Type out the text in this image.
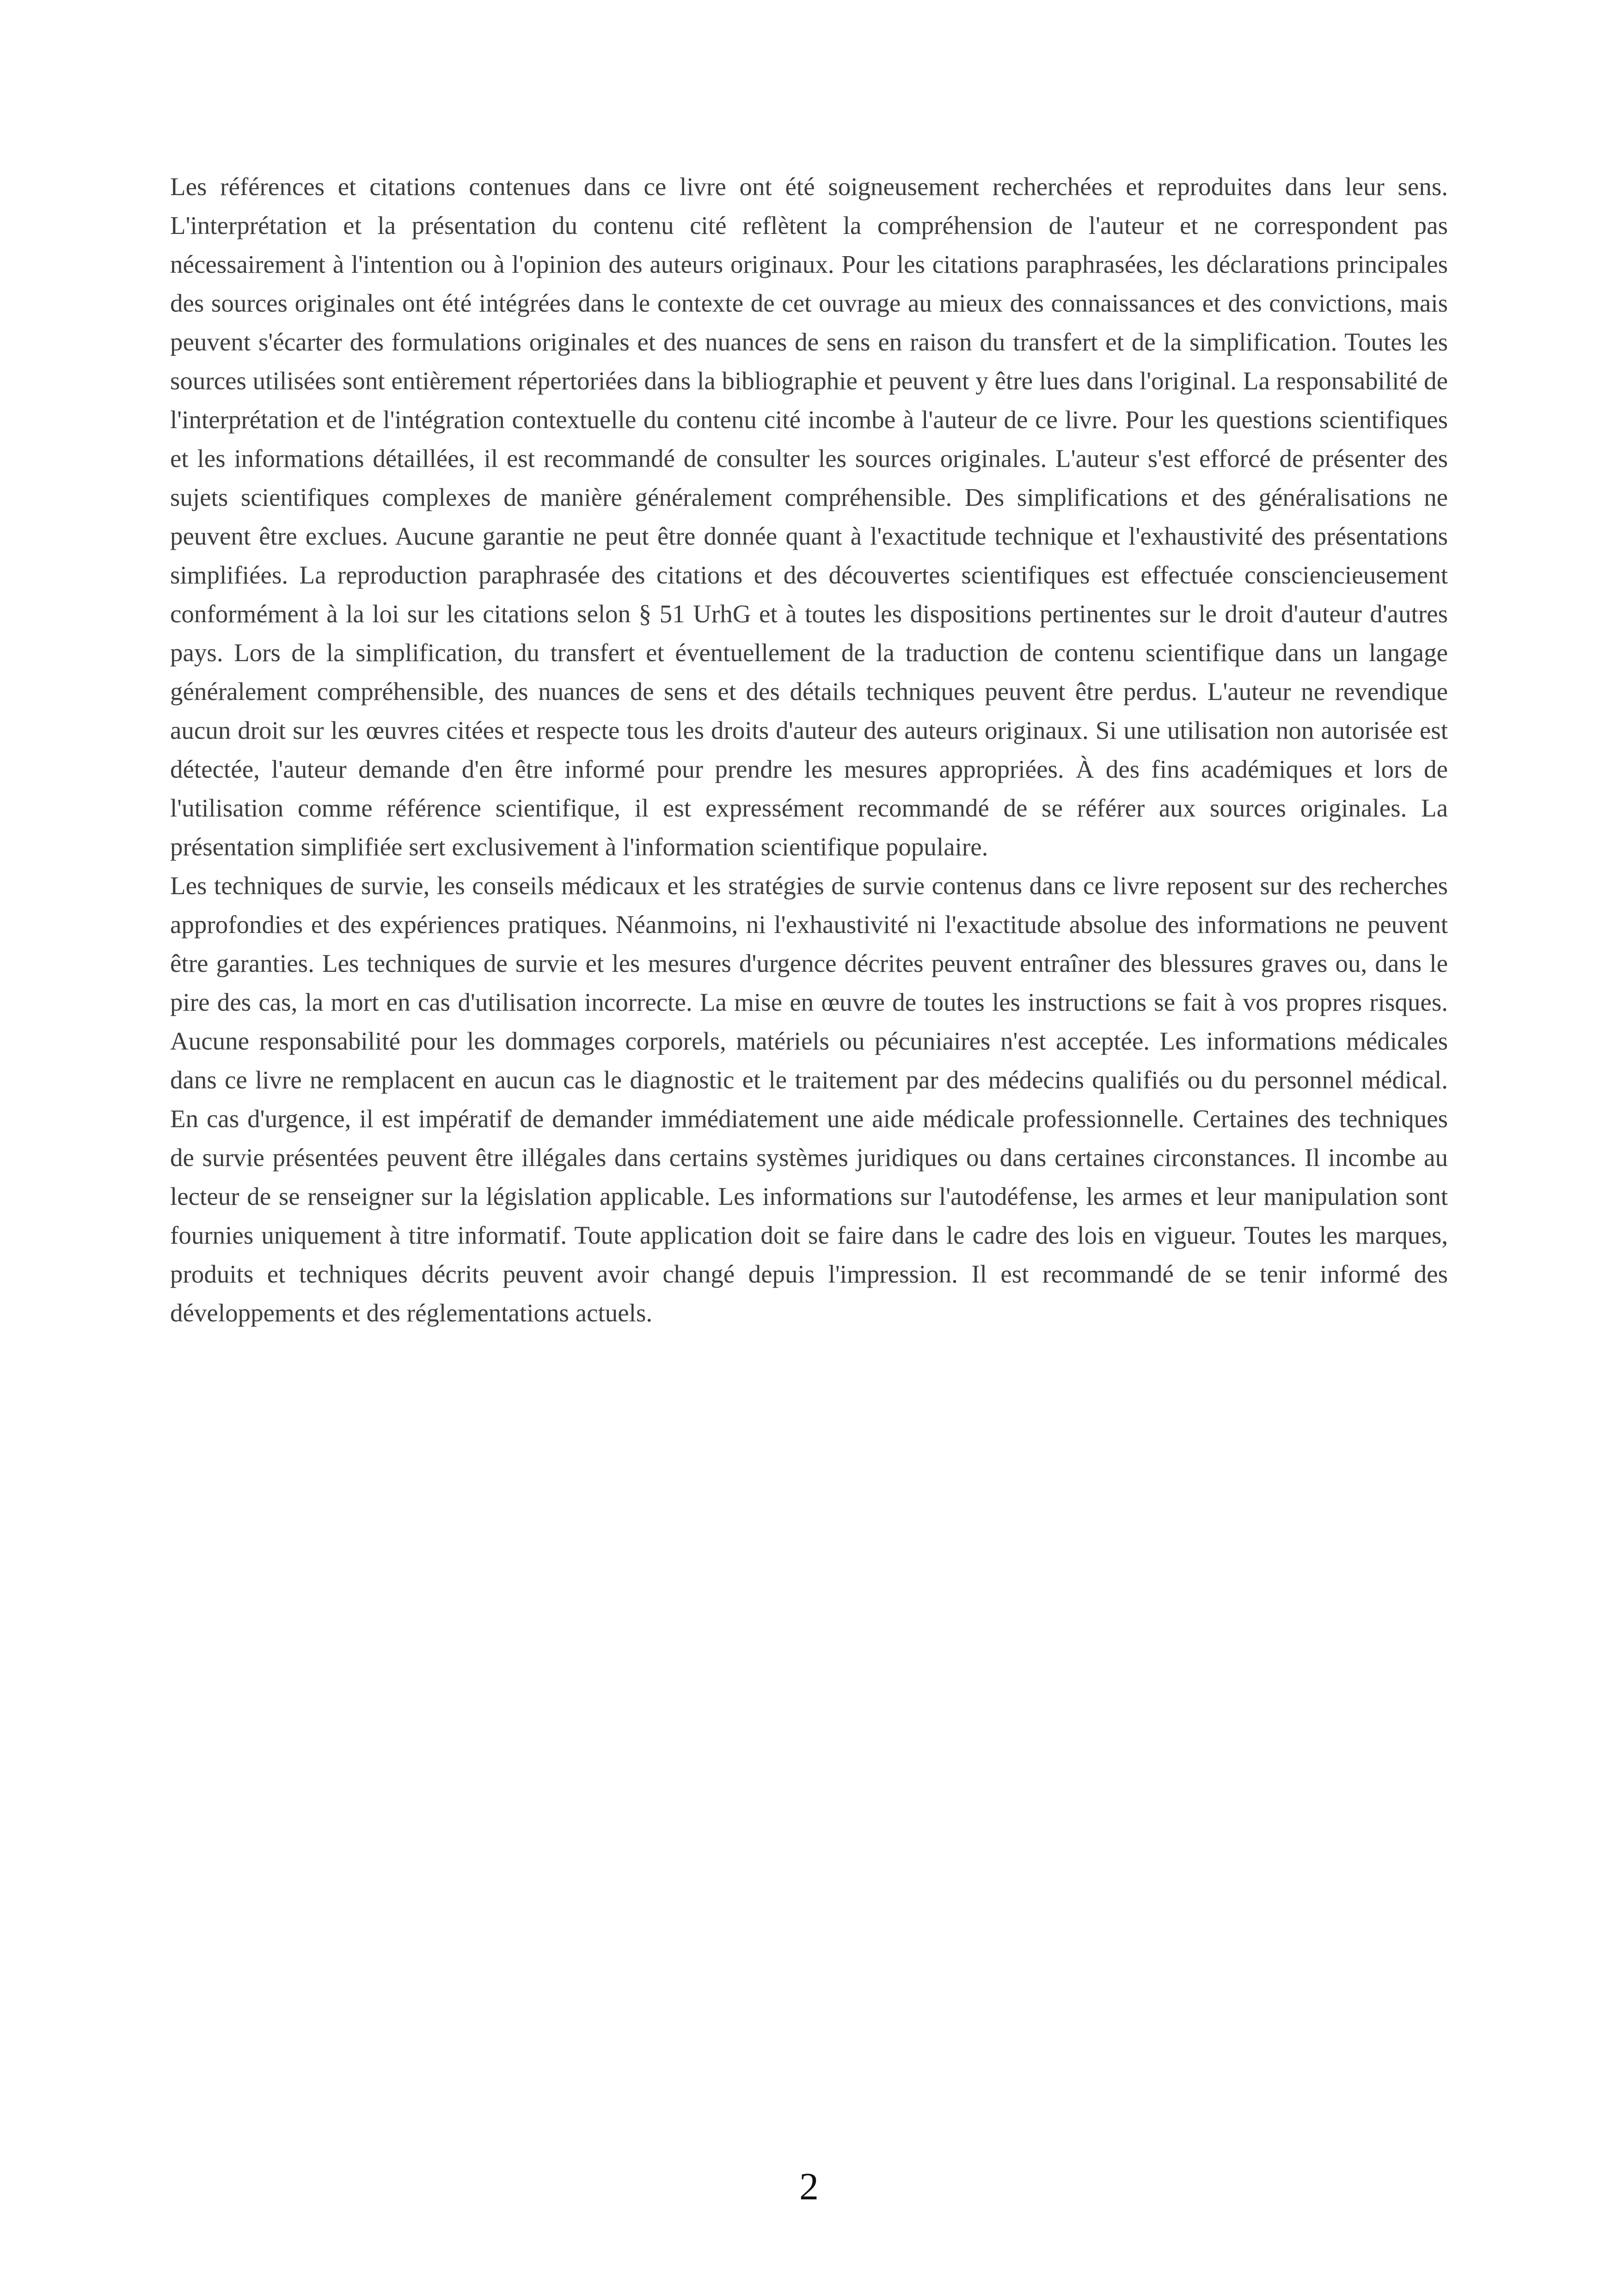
Les références et citations contenues dans ce livre ont été soigneusement recherchées et reproduites dans leur sens. L'interprétation et la présentation du contenu cité reflètent la compréhension de l'auteur et ne correspondent pas nécessairement à l'intention ou à l'opinion des auteurs originaux. Pour les citations paraphrasées, les déclarations principales des sources originales ont été intégrées dans le contexte de cet ouvrage au mieux des connaissances et des convictions, mais peuvent s'écarter des formulations originales et des nuances de sens en raison du transfert et de la simplification. Toutes les sources utilisées sont entièrement répertoriées dans la bibliographie et peuvent y être lues dans l'original. La responsabilité de l'interprétation et de l'intégration contextuelle du contenu cité incombe à l'auteur de ce livre. Pour les questions scientifiques et les informations détaillées, il est recommandé de consulter les sources originales. L'auteur s'est efforcé de présenter des sujets scientifiques complexes de manière généralement compréhensible. Des simplifications et des généralisations ne peuvent être exclues. Aucune garantie ne peut être donnée quant à l'exactitude technique et l'exhaustivité des présentations simplifiées. La reproduction paraphrasée des citations et des découvertes scientifiques est effectuée consciencieusement conformément à la loi sur les citations selon § 51 UrhG et à toutes les dispositions pertinentes sur le droit d'auteur d'autres pays. Lors de la simplification, du transfert et éventuellement de la traduction de contenu scientifique dans un langage généralement compréhensible, des nuances de sens et des détails techniques peuvent être perdus. L'auteur ne revendique aucun droit sur les œuvres citées et respecte tous les droits d'auteur des auteurs originaux. Si une utilisation non autorisée est détectée, l'auteur demande d'en être informé pour prendre les mesures appropriées. À des fins académiques et lors de l'utilisation comme référence scientifique, il est expressément recommandé de se référer aux sources originales. La présentation simplifiée sert exclusivement à l'information scientifique populaire.

Les techniques de survie, les conseils médicaux et les stratégies de survie contenus dans ce livre reposent sur des recherches approfondies et des expériences pratiques. Néanmoins, ni l'exhaustivité ni l'exactitude absolue des informations ne peuvent être garanties. Les techniques de survie et les mesures d'urgence décrites peuvent entraîner des blessures graves ou, dans le pire des cas, la mort en cas d'utilisation incorrecte. La mise en œuvre de toutes les instructions se fait à vos propres risques. Aucune responsabilité pour les dommages corporels, matériels ou pécuniaires n'est acceptée. Les informations médicales dans ce livre ne remplacent en aucun cas le diagnostic et le traitement par des médecins qualifiés ou du personnel médical. En cas d'urgence, il est impératif de demander immédiatement une aide médicale professionnelle. Certaines des techniques de survie présentées peuvent être illégales dans certains systèmes juridiques ou dans certaines circonstances. Il incombe au lecteur de se renseigner sur la législation applicable. Les informations sur l'autodéfense, les armes et leur manipulation sont fournies uniquement à titre informatif. Toute application doit se faire dans le cadre des lois en vigueur. Toutes les marques, produits et techniques décrits peuvent avoir changé depuis l'impression. Il est recommandé de se tenir informé des développements et des réglementations actuels.

2
